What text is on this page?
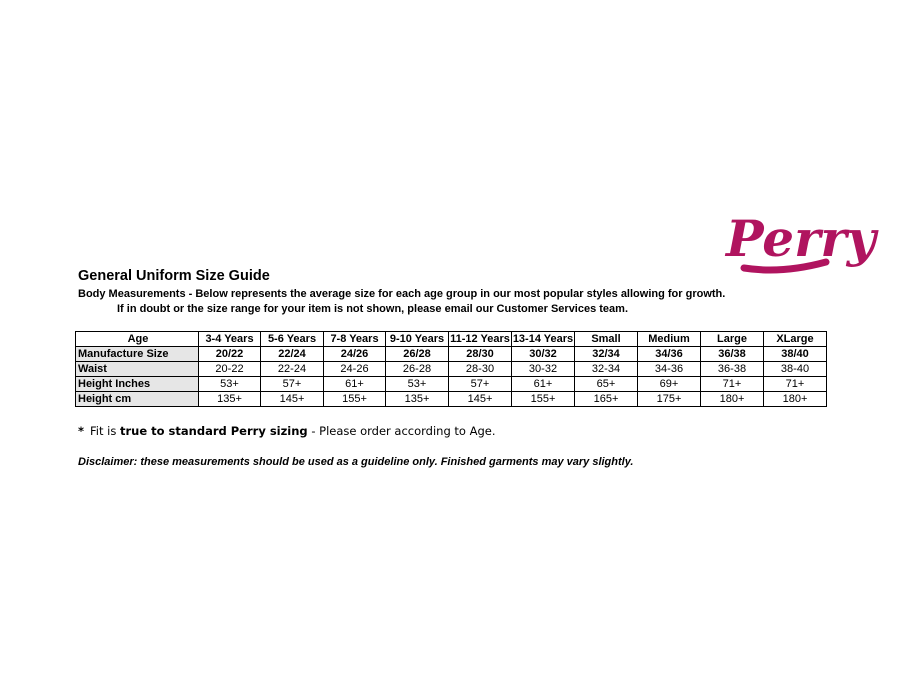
Perry
General Uniform Size Guide
Body Measurements - Below represents the average size for each age group in our most popular styles allowing for growth.
If in doubt or the size range for your item is not shown, please email our Customer Services team.
Age	3-4 Years	5-6 Years	7-8 Years	9-10 Years	11-12 Years	13-14 Years	Small	Medium	Large	XLarge
Manufacture Size	20/22	22/24	24/26	26/28	28/30	30/32	32/34	34/36	36/38	38/40
Waist	20-22	22-24	24-26	26-28	28-30	30-32	32-34	34-36	36-38	38-40
Height Inches	53+	57+	61+	53+	57+	61+	65+	69+	71+	71+
Height cm	135+	145+	155+	135+	145+	155+	165+	175+	180+	180+
* Fit is true to standard Perry sizing - Please order according to Age.
Disclaimer: these measurements should be used as a guideline only. Finished garments may vary slightly.
